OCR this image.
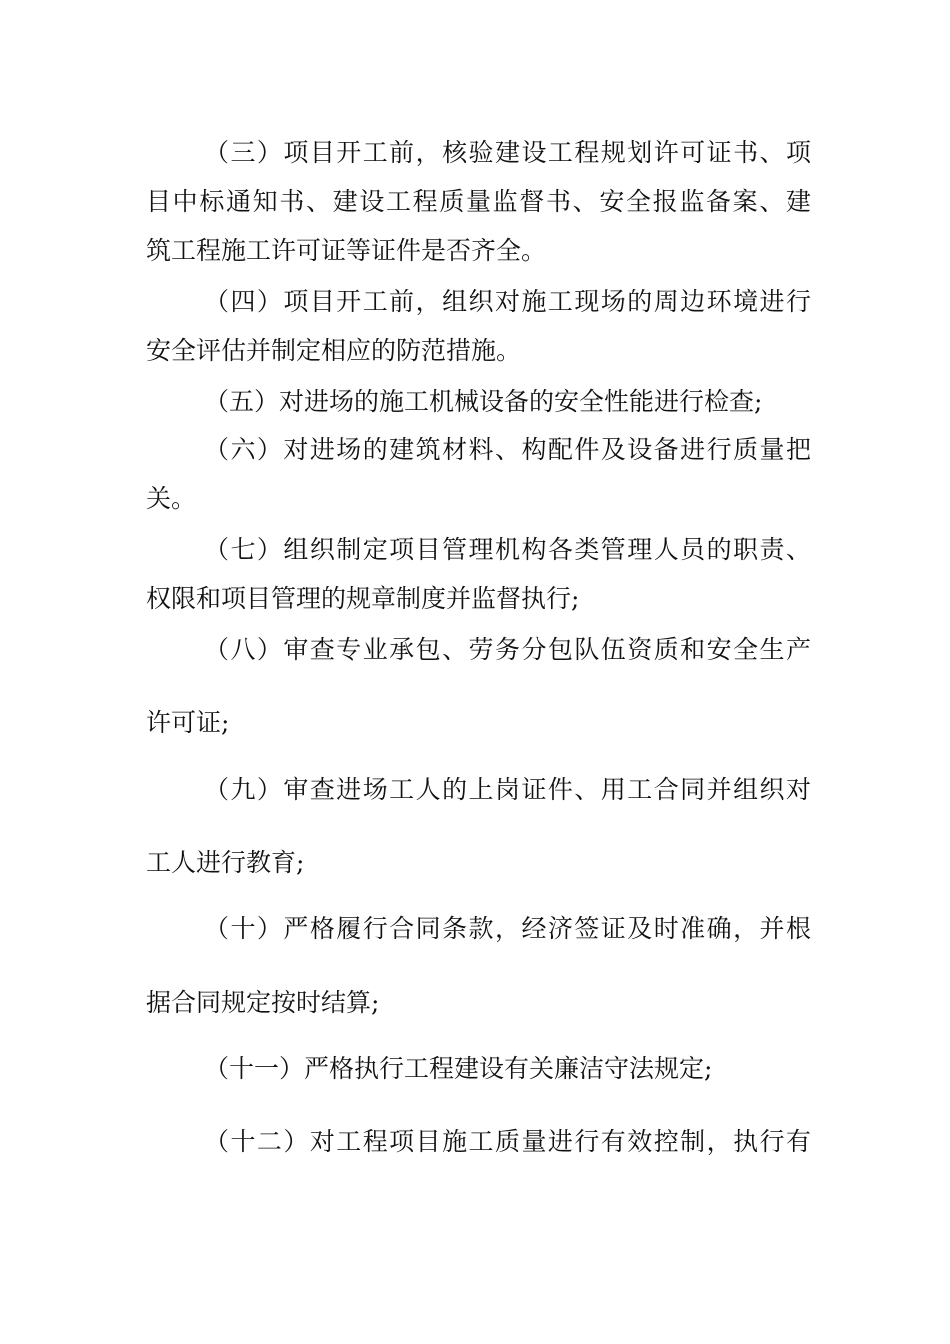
（三）项目开工前，核验建设工程规划许可证书、项
目中标通知书、建设工程质量监督书、安全报监备案、建
筑工程施工许可证等证件是否齐全。
（四）项目开工前，组织对施工现场的周边环境进行
安全评估并制定相应的防范措施。
（五）对进场的施工机械设备的安全性能进行检查;
（六）对进场的建筑材料、构配件及设备进行质量把
关。
（七）组织制定项目管理机构各类管理人员的职责、
权限和项目管理的规章制度并监督执行;
（八）审查专业承包、劳务分包队伍资质和安全生产
许可证;
（九）审查进场工人的上岗证件、用工合同并组织对
工人进行教育;
（十）严格履行合同条款，经济签证及时准确，并根
据合同规定按时结算;
（十一）严格执行工程建设有关廉洁守法规定;
（十二）对工程项目施工质量进行有效控制，执行有
